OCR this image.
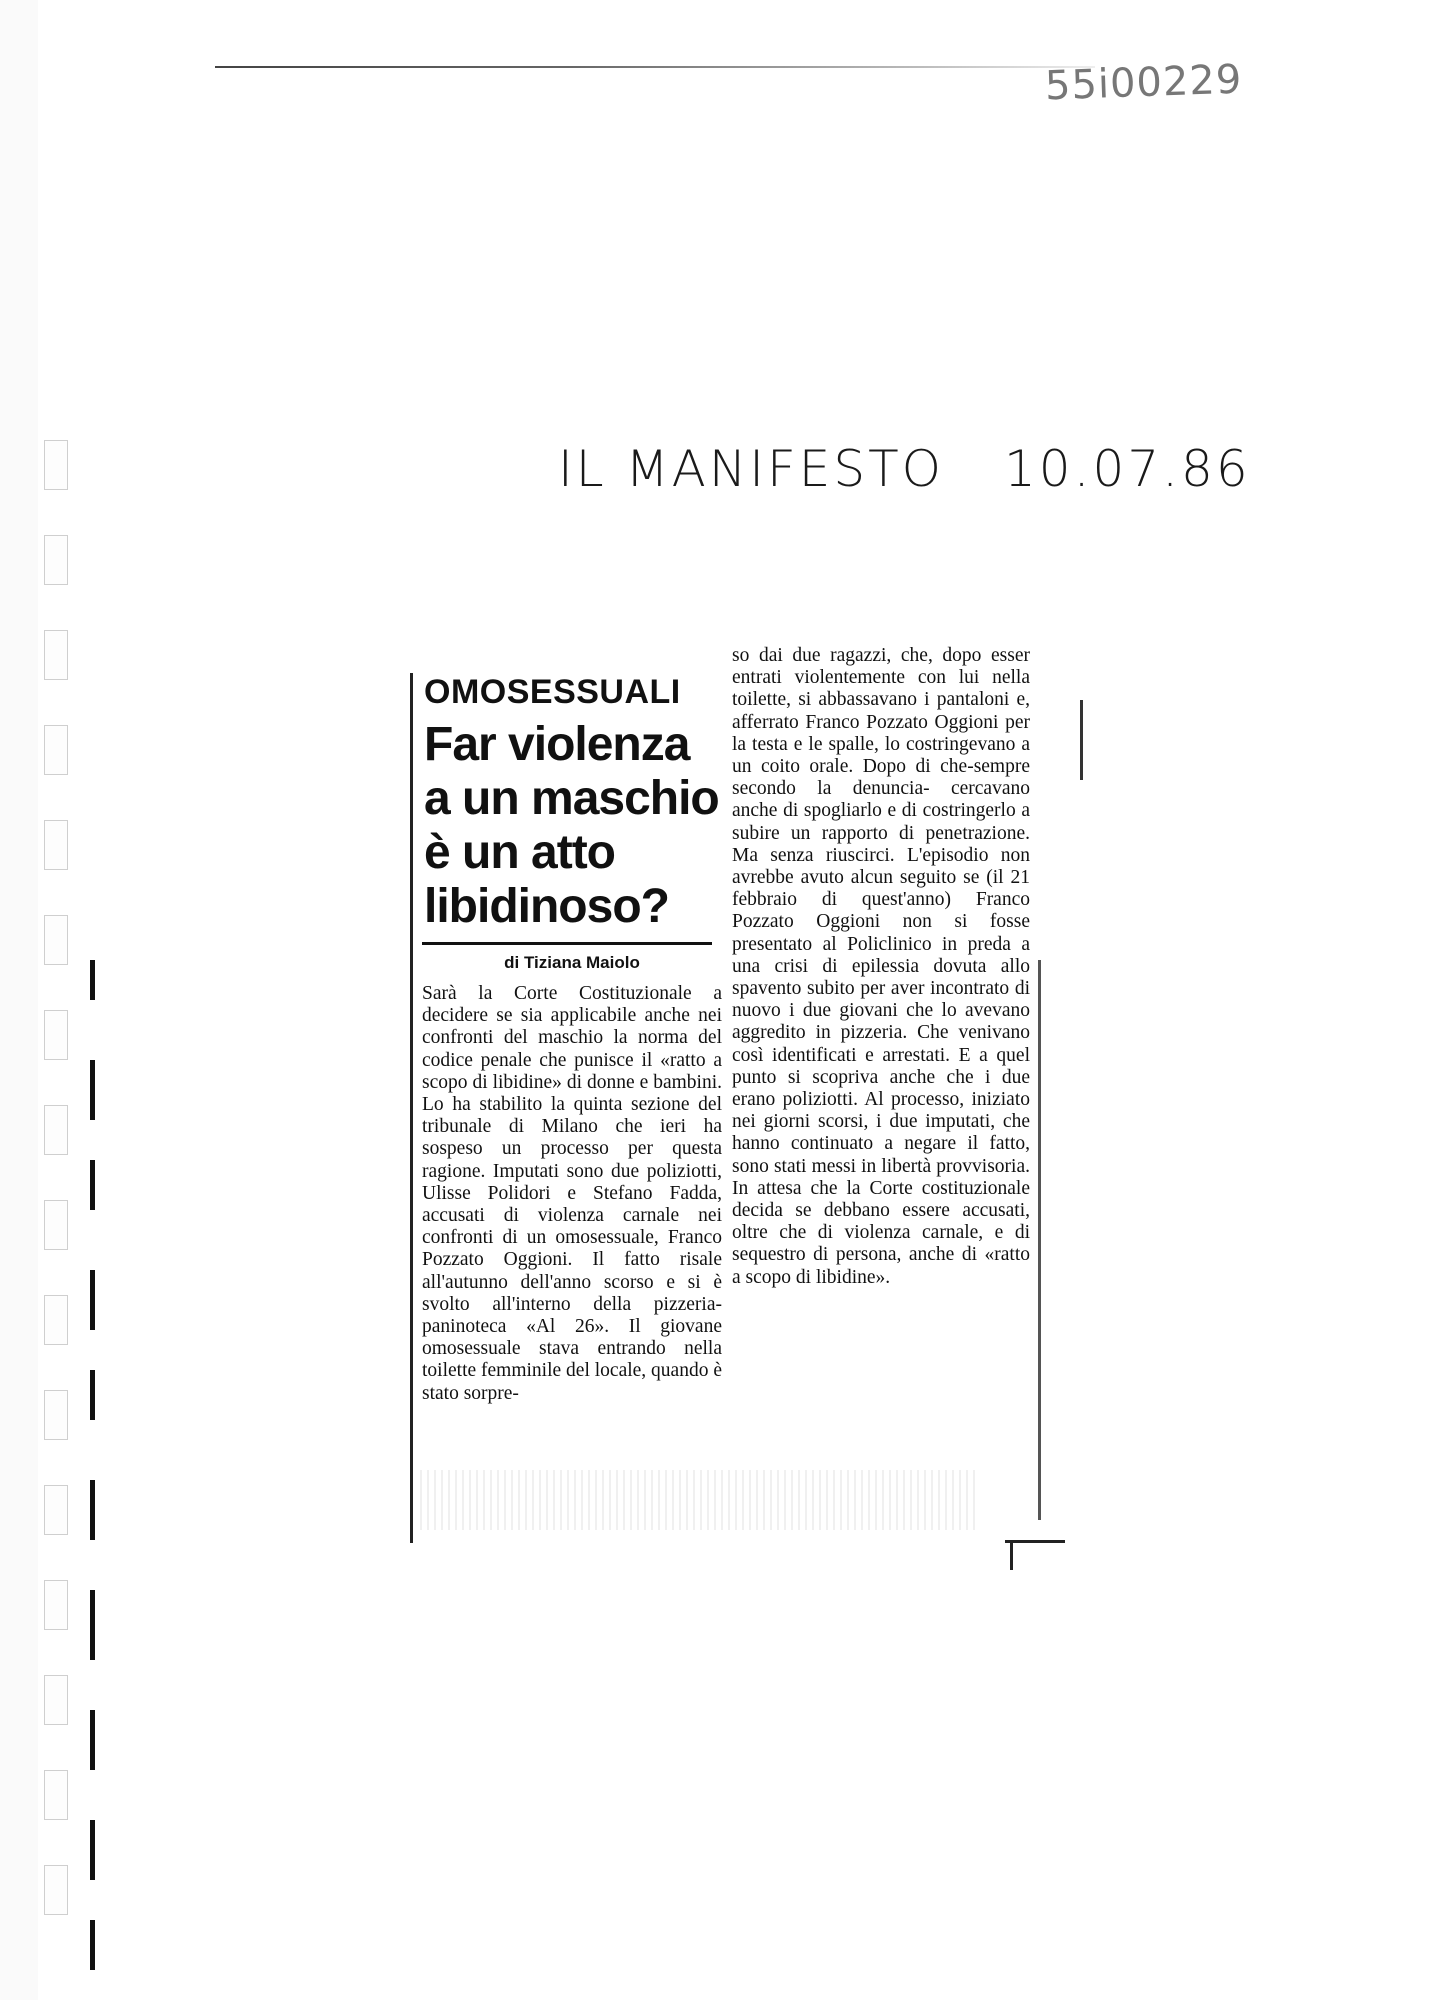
55i00229
IL MANIFESTO 10.07.86
OMOSESSUALI
Far violenza a un maschio è un atto libidinoso?
di Tiziana Maiolo

Sarà la Corte Costituzionale a decidere se sia applicabile anche nei confronti del maschio la norma del codice penale che punisce il «ratto a scopo di libidine» di donne e bambini. Lo ha stabilito la quinta sezione del tribunale di Milano che ieri ha sospeso un processo per questa ragione. Imputati sono due poliziotti, Ulisse Polidori e Stefano Fadda, accusati di violenza carnale nei confronti di un omosessuale, Franco Pozzato Oggioni. Il fatto risale all'autunno dell'anno scorso e si è svolto all'interno della pizzeria-paninoteca «Al 26». Il giovane omosessuale stava entrando nella toilette femminile del locale, quando è stato sorpre-

so dai due ragazzi, che, dopo esser entrati violentemente con lui nella toilette, si abbassavano i pantaloni e, afferrato Franco Pozzato Oggioni per la testa e le spalle, lo costringevano a un coito orale. Dopo di che-sempre secondo la denuncia- cercavano anche di spogliarlo e di costringerlo a subire un rapporto di penetrazione. Ma senza riuscirci. L'episodio non avrebbe avuto alcun seguito se (il 21 febbraio di quest'anno) Franco Pozzato Oggioni non si fosse presentato al Policlinico in preda a una crisi di epilessia dovuta allo spavento subito per aver incontrato di nuovo i due giovani che lo avevano aggredito in pizzeria. Che venivano così identificati e arrestati. E a quel punto si scopriva anche che i due erano poliziotti. Al processo, iniziato nei giorni scorsi, i due imputati, che hanno continuato a negare il fatto, sono stati messi in libertà provvisoria. In attesa che la Corte costituzionale decida se debbano essere accusati, oltre che di violenza carnale, e di sequestro di persona, anche di «ratto a scopo di libidine».
